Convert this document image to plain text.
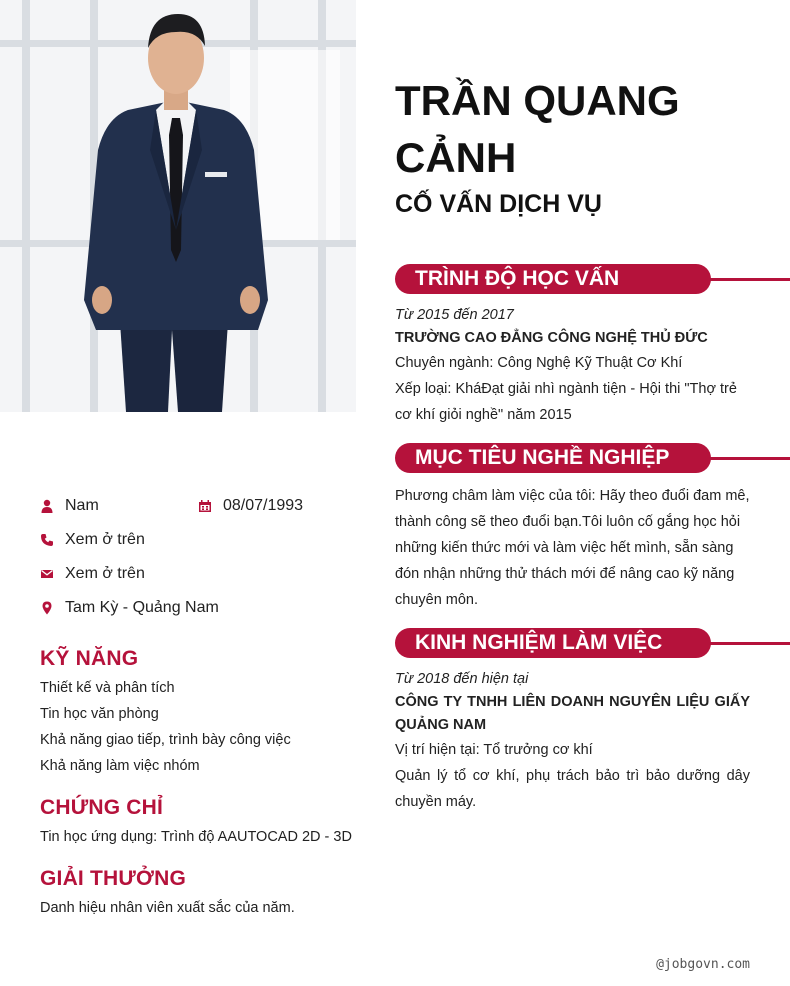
TRẦN QUANG CẢNH
CỐ VẤN DỊCH VỤ
Nam	08/07/1993
Xem ở trên
Xem ở trên
Tam Kỳ - Quảng Nam
KỸ NĂNG
Thiết kế và phân tích
Tin học văn phòng
Khả năng giao tiếp, trình bày công việc
Khả năng làm việc nhóm
CHỨNG CHỈ
Tin học ứng dụng: Trình độ AAUTOCAD 2D - 3D
GIẢI THƯỞNG
Danh hiệu nhân viên xuất sắc của năm.
TRÌNH ĐỘ HỌC VẤN
Từ 2015 đến 2017
TRƯỜNG CAO ĐẲNG CÔNG NGHỆ THỦ ĐỨC

Chuyên ngành: Công Nghệ Kỹ Thuật Cơ Khí

Xếp loại: KháĐạt giải nhì ngành tiện - Hội thi "Thợ trẻ cơ khí giỏi nghề" năm 2015

MỤC TIÊU NGHỀ NGHIỆP

Phương châm làm việc của tôi: Hãy theo đuổi đam mê, thành công sẽ theo đuổi bạn.Tôi luôn cố gắng học hỏi những kiến thức mới và làm việc hết mình, sẵn sàng đón nhận những thử thách mới để nâng cao kỹ năng chuyên môn.

KINH NGHIỆM LÀM VIỆC
Từ 2018 đến hiện tại
CÔNG TY TNHH LIÊN DOANH NGUYÊN LIỆU GIẤY QUẢNG NAM

Vị trí hiện tại: Tổ trưởng cơ khí

Quản lý tổ cơ khí, phụ trách bảo trì bảo dưỡng dây chuyền máy.

@jobgovn.com
